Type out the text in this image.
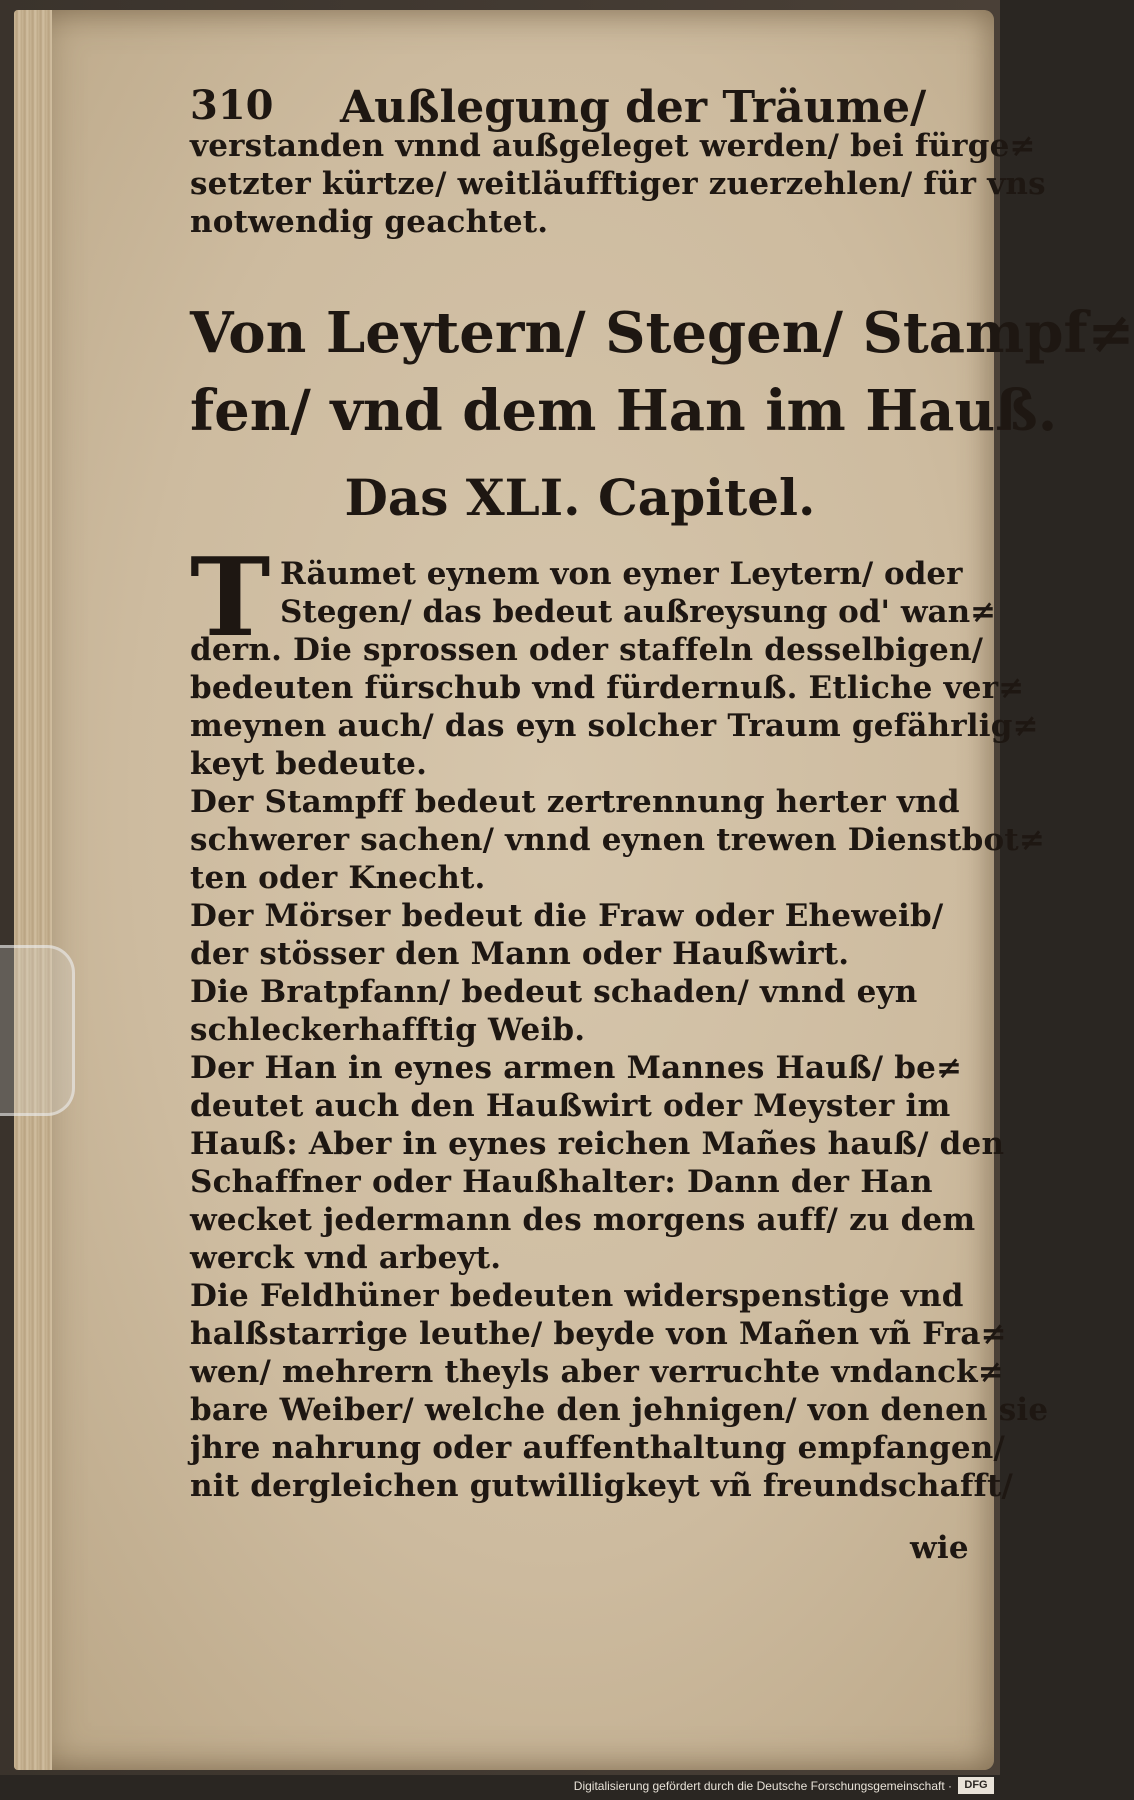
310 Außlegung der Träume/
verstanden vnnd außgeleget werden/ bei fürge≠
setzter kürtze/ weitläufftiger zuerzehlen/ für vns
notwendig geachtet.
Von Leytern/ Stegen/ Stampf≠
fen/ vnd dem Han im Hauß.
Das XLI. Capitel.
T Räumet eynem von eyner Leytern/ oder
Stegen/ das bedeut außreysung od' wan≠
dern. Die sprossen oder staffeln desselbigen/
bedeuten fürschub vnd fürdernuß. Etliche ver≠
meynen auch/ das eyn solcher Traum gefährlig≠
keyt bedeute.
Der Stampff bedeut zertrennung herter vnd
schwerer sachen/ vnnd eynen trewen Dienstbot≠
ten oder Knecht.
Der Mörser bedeut die Fraw oder Eheweib/
der stösser den Mann oder Haußwirt.
Die Bratpfann/ bedeut schaden/ vnnd eyn
schleckerhafftig Weib.
Der Han in eynes armen Mannes Hauß/ be≠
deutet auch den Haußwirt oder Meyster im
Hauß: Aber in eynes reichen Mañes hauß/ den
Schaffner oder Haußhalter: Dann der Han
wecket jedermann des morgens auff/ zu dem
werck vnd arbeyt.
Die Feldhüner bedeuten widerspenstige vnd
halßstarrige leuthe/ beyde von Mañen vñ Fra≠
wen/ mehrern theyls aber verruchte vndanck≠
bare Weiber/ welche den jehnigen/ von denen sie
jhre nahrung oder auffenthaltung empfangen/
nit dergleichen gutwilligkeyt vñ freundschafft/
wie
Digitalisierung gefördert durch die Deutsche Forschungsgemeinschaft ·	DFG
